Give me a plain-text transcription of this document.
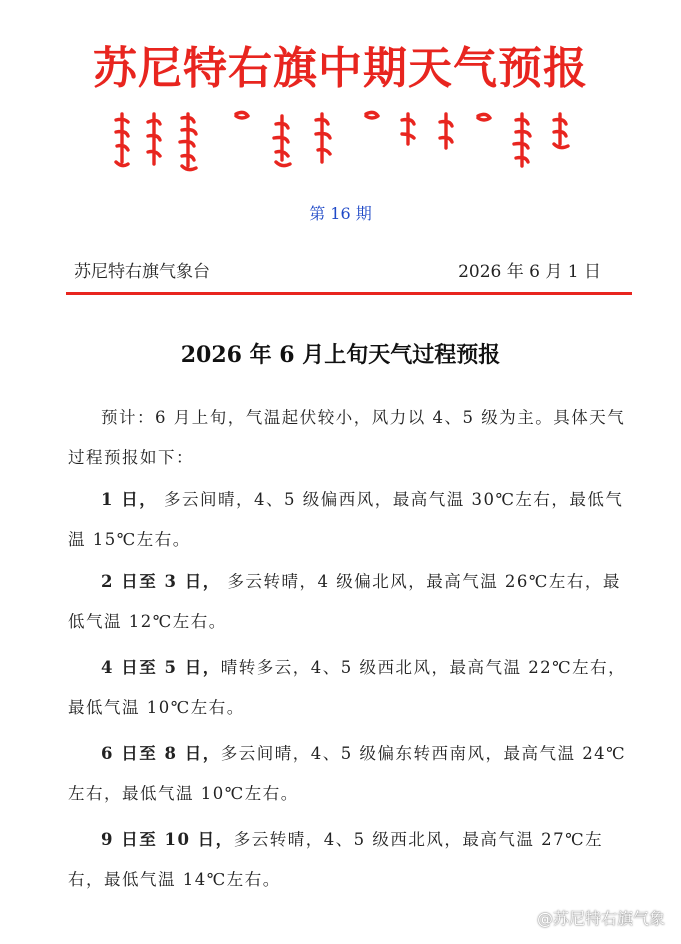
苏尼特右旗中期天气预报
第 16 期
苏尼特右旗气象台	2026 年 6 月 1 日
2026 年 6 月上旬天气过程预报

预计：6 月上旬，气温起伏较小，风力以 4、5 级为主。具体天气过程预报如下：

1 日， 多云间晴，4、5 级偏西风，最高气温 30℃左右，最低气温 15℃左右。

2 日至 3 日， 多云转晴，4 级偏北风，最高气温 26℃左右，最低气温 12℃左右。

4 日至 5 日，晴转多云，4、5 级西北风，最高气温 22℃左右，最低气温 10℃左右。

6 日至 8 日，多云间晴，4、5 级偏东转西南风，最高气温 24℃左右，最低气温 10℃左右。

9 日至 10 日，多云转晴，4、5 级西北风，最高气温 27℃左右，最低气温 14℃左右。

@苏尼特右旗气象
